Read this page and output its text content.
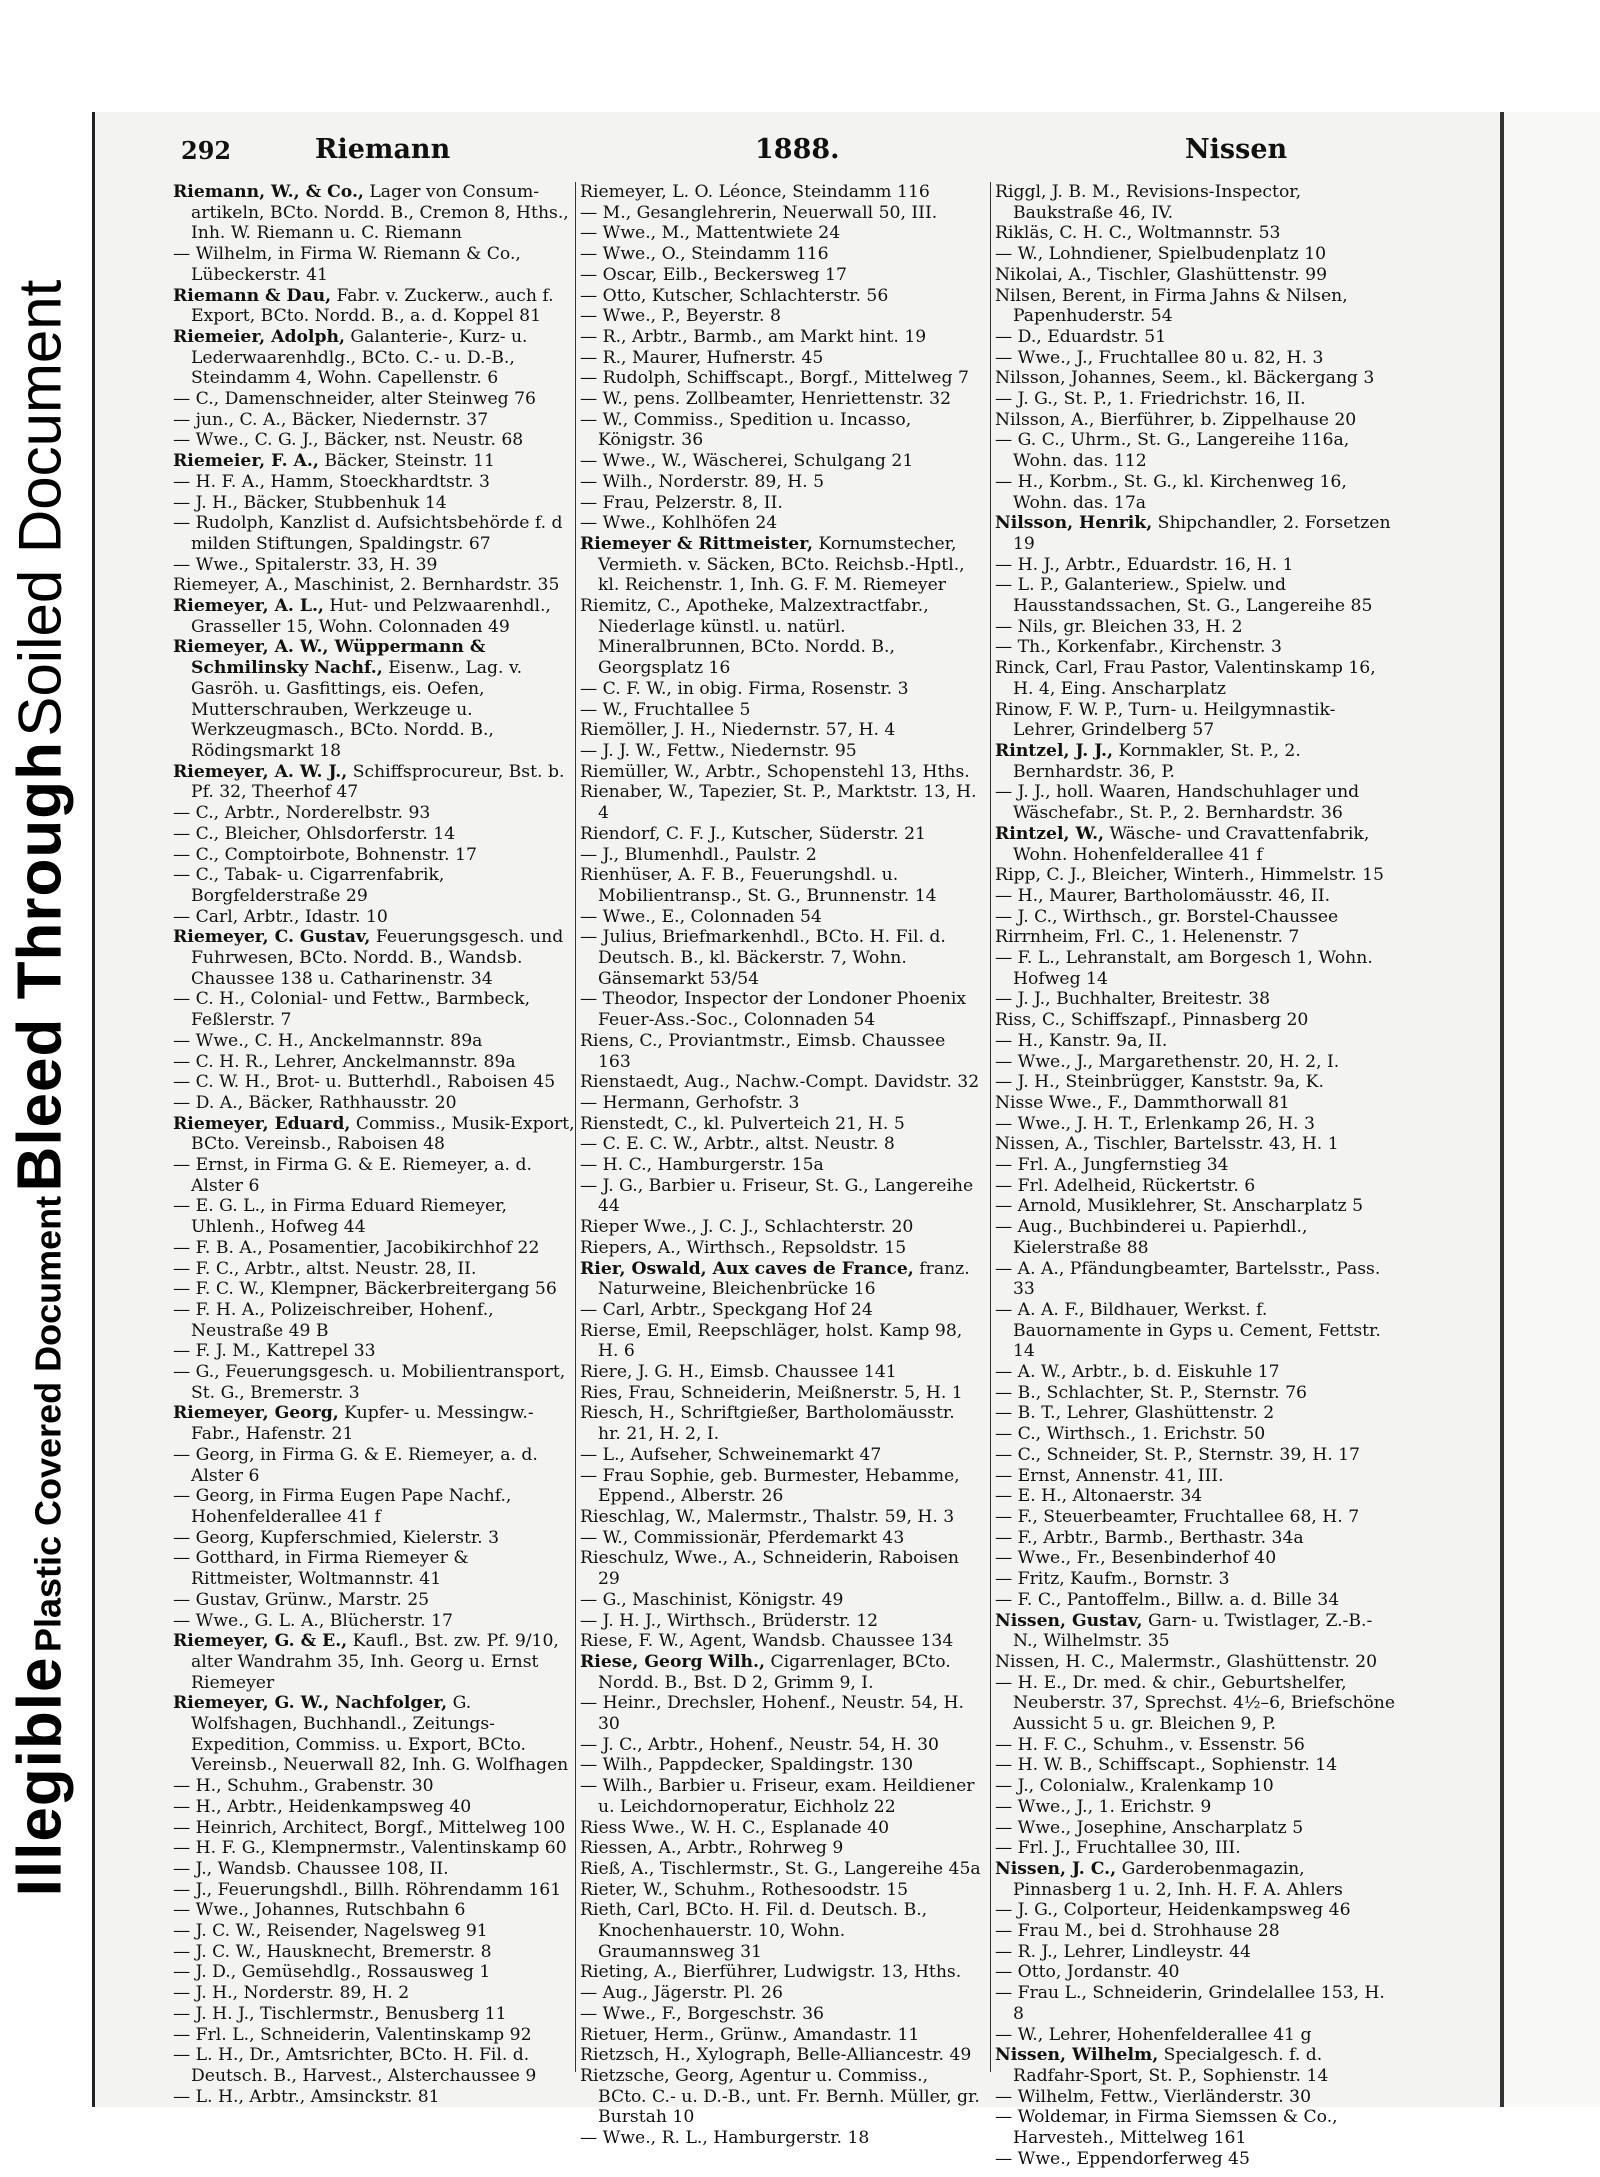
Illegible Plastic Covered Document Bleed Through Soiled Document
292	Riemann	1888.	Nissen
Riemann, W., & Co., Lager von Consum-artikeln, BCto. Nordd. B., Cremon 8, Hths., Inh. W. Riemann u. C. Riemann
— Wilhelm, in Firma W. Riemann & Co., Lübeckerstr. 41
Riemann & Dau, Fabr. v. Zuckerw., auch f. Export, BCto. Nordd. B., a. d. Koppel 81
Riemeier, Adolph, Galanterie-, Kurz- u. Lederwaarenhdlg., BCto. C.- u. D.-B., Steindamm 4, Wohn. Capellenstr. 6
— C., Damenschneider, alter Steinweg 76
— jun., C. A., Bäcker, Niedernstr. 37
— Wwe., C. G. J., Bäcker, nst. Neustr. 68
Riemeier, F. A., Bäcker, Steinstr. 11
— H. F. A., Hamm, Stoeckhardtstr. 3
— J. H., Bäcker, Stubbenhuk 14
— Rudolph, Kanzlist d. Aufsichtsbehörde f. d milden Stiftungen, Spaldingstr. 67
— Wwe., Spitalerstr. 33, H. 39
Riemeyer, A., Maschinist, 2. Bernhardstr. 35
Riemeyer, A. L., Hut- und Pelzwaarenhdl., Grasseller 15, Wohn. Colonnaden 49
Riemeyer, A. W., Wüppermann & Schmilinsky Nachf., Eisenw., Lag. v. Gasröh. u. Gasfittings, eis. Oefen, Mutterschrauben, Werkzeuge u. Werkzeugmasch., BCto. Nordd. B., Rödingsmarkt 18
Riemeyer, A. W. J., Schiffsprocureur, Bst. b. Pf. 32, Theerhof 47
— C., Arbtr., Norderelbstr. 93
— C., Bleicher, Ohlsdorferstr. 14
— C., Comptoirbote, Bohnenstr. 17
— C., Tabak- u. Cigarrenfabrik, Borgfelderstraße 29
— Carl, Arbtr., Idastr. 10
Riemeyer, C. Gustav, Feuerungsgesch. und Fuhrwesen, BCto. Nordd. B., Wandsb. Chaussee 138 u. Catharinenstr. 34
— C. H., Colonial- und Fettw., Barmbeck, Feßlerstr. 7
— Wwe., C. H., Anckelmannstr. 89a
— C. H. R., Lehrer, Anckelmannstr. 89a
— C. W. H., Brot- u. Butterhdl., Raboisen 45
— D. A., Bäcker, Rathhausstr. 20
Riemeyer, Eduard, Commiss., Musik-Export, BCto. Vereinsb., Raboisen 48
— Ernst, in Firma G. & E. Riemeyer, a. d. Alster 6
— E. G. L., in Firma Eduard Riemeyer, Uhlenh., Hofweg 44
— F. B. A., Posamentier, Jacobikirchhof 22
— F. C., Arbtr., altst. Neustr. 28, II.
— F. C. W., Klempner, Bäckerbreitergang 56
— F. H. A., Polizeischreiber, Hohenf., Neustraße 49 B
— F. J. M., Kattrepel 33
— G., Feuerungsgesch. u. Mobilientransport, St. G., Bremerstr. 3
Riemeyer, Georg, Kupfer- u. Messingw.-Fabr., Hafenstr. 21
— Georg, in Firma G. & E. Riemeyer, a. d. Alster 6
— Georg, in Firma Eugen Pape Nachf., Hohenfelderallee 41 f
— Georg, Kupferschmied, Kielerstr. 3
— Gotthard, in Firma Riemeyer & Rittmeister, Woltmannstr. 41
— Gustav, Grünw., Marstr. 25
— Wwe., G. L. A., Blücherstr. 17
Riemeyer, G. & E., Kaufl., Bst. zw. Pf. 9/10, alter Wandrahm 35, Inh. Georg u. Ernst Riemeyer
Riemeyer, G. W., Nachfolger, G. Wolfshagen, Buchhandl., Zeitungs-Expedition, Commiss. u. Export, BCto. Vereinsb., Neuerwall 82, Inh. G. Wolfhagen
— H., Schuhm., Grabenstr. 30
— H., Arbtr., Heidenkampsweg 40
— Heinrich, Architect, Borgf., Mittelweg 100
— H. F. G., Klempnermstr., Valentinskamp 60
— J., Wandsb. Chaussee 108, II.
— J., Feuerungshdl., Billh. Röhrendamm 161
— Wwe., Johannes, Rutschbahn 6
— J. C. W., Reisender, Nagelsweg 91
— J. C. W., Hausknecht, Bremerstr. 8
— J. D., Gemüsehdlg., Rossausweg 1
— J. H., Norderstr. 89, H. 2
— J. H. J., Tischlermstr., Benusberg 11
— Frl. L., Schneiderin, Valentinskamp 92
— L. H., Dr., Amtsrichter, BCto. H. Fil. d. Deutsch. B., Harvest., Alsterchaussee 9
— L. H., Arbtr., Amsinckstr. 81
Riemeyer, L. O. Léonce, Steindamm 116
— M., Gesanglehrerin, Neuerwall 50, III.
— Wwe., M., Mattentwiete 24
— Wwe., O., Steindamm 116
— Oscar, Eilb., Beckersweg 17
— Otto, Kutscher, Schlachterstr. 56
— Wwe., P., Beyerstr. 8
— R., Arbtr., Barmb., am Markt hint. 19
— R., Maurer, Hufnerstr. 45
— Rudolph, Schiffscapt., Borgf., Mittelweg 7
— W., pens. Zollbeamter, Henriettenstr. 32
— W., Commiss., Spedition u. Incasso, Königstr. 36
— Wwe., W., Wäscherei, Schulgang 21
— Wilh., Norderstr. 89, H. 5
— Frau, Pelzerstr. 8, II.
— Wwe., Kohlhöfen 24
Riemeyer & Rittmeister, Kornumstecher, Vermieth. v. Säcken, BCto. Reichsb.-Hptl., kl. Reichenstr. 1, Inh. G. F. M. Riemeyer
Riemitz, C., Apotheke, Malzextractfabr., Niederlage künstl. u. natürl. Mineralbrunnen, BCto. Nordd. B., Georgsplatz 16
— C. F. W., in obig. Firma, Rosenstr. 3
— W., Fruchtallee 5
Riemöller, J. H., Niedernstr. 57, H. 4
— J. J. W., Fettw., Niedernstr. 95
Riemüller, W., Arbtr., Schopenstehl 13, Hths.
Rienaber, W., Tapezier, St. P., Marktstr. 13, H. 4
Riendorf, C. F. J., Kutscher, Süderstr. 21
— J., Blumenhdl., Paulstr. 2
Rienhüser, A. F. B., Feuerungshdl. u. Mobilientransp., St. G., Brunnenstr. 14
— Wwe., E., Colonnaden 54
— Julius, Briefmarkenhdl., BCto. H. Fil. d. Deutsch. B., kl. Bäckerstr. 7, Wohn. Gänsemarkt 53/54
— Theodor, Inspector der Londoner Phoenix Feuer-Ass.-Soc., Colonnaden 54
Riens, C., Proviantmstr., Eimsb. Chaussee 163
Rienstaedt, Aug., Nachw.-Compt. Davidstr. 32
— Hermann, Gerhofstr. 3
Rienstedt, C., kl. Pulverteich 21, H. 5
— C. E. C. W., Arbtr., altst. Neustr. 8
— H. C., Hamburgerstr. 15a
— J. G., Barbier u. Friseur, St. G., Langereihe 44
Rieper Wwe., J. C. J., Schlachterstr. 20
Riepers, A., Wirthsch., Repsoldstr. 15
Rier, Oswald, Aux caves de France, franz. Naturweine, Bleichenbrücke 16
— Carl, Arbtr., Speckgang Hof 24
Rierse, Emil, Reepschläger, holst. Kamp 98, H. 6
Riere, J. G. H., Eimsb. Chaussee 141
Ries, Frau, Schneiderin, Meißnerstr. 5, H. 1
Riesch, H., Schriftgießer, Bartholomäusstr. hr. 21, H. 2, I.
— L., Aufseher, Schweinemarkt 47
— Frau Sophie, geb. Burmester, Hebamme, Eppend., Alberstr. 26
Rieschlag, W., Malermstr., Thalstr. 59, H. 3
— W., Commissionär, Pferdemarkt 43
Rieschulz, Wwe., A., Schneiderin, Raboisen 29
— G., Maschinist, Königstr. 49
— J. H. J., Wirthsch., Brüderstr. 12
Riese, F. W., Agent, Wandsb. Chaussee 134
Riese, Georg Wilh., Cigarrenlager, BCto. Nordd. B., Bst. D 2, Grimm 9, I.
— Heinr., Drechsler, Hohenf., Neustr. 54, H. 30
— J. C., Arbtr., Hohenf., Neustr. 54, H. 30
— Wilh., Pappdecker, Spaldingstr. 130
— Wilh., Barbier u. Friseur, exam. Heildiener u. Leichdornoperatur, Eichholz 22
Riess Wwe., W. H. C., Esplanade 40
Riessen, A., Arbtr., Rohrweg 9
Rieß, A., Tischlermstr., St. G., Langereihe 45a
Rieter, W., Schuhm., Rothesoodstr. 15
Rieth, Carl, BCto. H. Fil. d. Deutsch. B., Knochenhauerstr. 10, Wohn. Graumannsweg 31
Rieting, A., Bierführer, Ludwigstr. 13, Hths.
— Aug., Jägerstr. Pl. 26
— Wwe., F., Borgeschstr. 36
Rietuer, Herm., Grünw., Amandastr. 11
Rietzsch, H., Xylograph, Belle-Alliancestr. 49
Rietzsche, Georg, Agentur u. Commiss., BCto. C.- u. D.-B., unt. Fr. Bernh. Müller, gr. Burstah 10
— Wwe., R. L., Hamburgerstr. 18
Riggl, J. B. M., Revisions-Inspector, Baukstraße 46, IV.
Rikläs, C. H. C., Woltmannstr. 53
— W., Lohndiener, Spielbudenplatz 10
Nikolai, A., Tischler, Glashüttenstr. 99
Nilsen, Berent, in Firma Jahns & Nilsen, Papenhuderstr. 54
— D., Eduardstr. 51
— Wwe., J., Fruchtallee 80 u. 82, H. 3
Nilsson, Johannes, Seem., kl. Bäckergang 3
— J. G., St. P., 1. Friedrichstr. 16, II.
Nilsson, A., Bierführer, b. Zippelhause 20
— G. C., Uhrm., St. G., Langereihe 116a, Wohn. das. 112
— H., Korbm., St. G., kl. Kirchenweg 16, Wohn. das. 17a
Nilsson, Henrik, Shipchandler, 2. Forsetzen 19
— H. J., Arbtr., Eduardstr. 16, H. 1
— L. P., Galanteriew., Spielw. und Hausstandssachen, St. G., Langereihe 85
— Nils, gr. Bleichen 33, H. 2
— Th., Korkenfabr., Kirchenstr. 3
Rinck, Carl, Frau Pastor, Valentinskamp 16, H. 4, Eing. Anscharplatz
Rinow, F. W. P., Turn- u. Heilgymnastik-Lehrer, Grindelberg 57
Rintzel, J. J., Kornmakler, St. P., 2. Bernhardstr. 36, P.
— J. J., holl. Waaren, Handschuhlager und Wäschefabr., St. P., 2. Bernhardstr. 36
Rintzel, W., Wäsche- und Cravattenfabrik, Wohn. Hohenfelderallee 41 f
Ripp, C. J., Bleicher, Winterh., Himmelstr. 15
— H., Maurer, Bartholomäusstr. 46, II.
— J. C., Wirthsch., gr. Borstel-Chaussee
Rirrnheim, Frl. C., 1. Helenenstr. 7
— F. L., Lehranstalt, am Borgesch 1, Wohn. Hofweg 14
— J. J., Buchhalter, Breitestr. 38
Riss, C., Schiffszapf., Pinnasberg 20
— H., Kanstr. 9a, II.
— Wwe., J., Margarethenstr. 20, H. 2, I.
— J. H., Steinbrügger, Kanststr. 9a, K.
Nisse Wwe., F., Dammthorwall 81
— Wwe., J. H. T., Erlenkamp 26, H. 3
Nissen, A., Tischler, Bartelsstr. 43, H. 1
— Frl. A., Jungfernstieg 34
— Frl. Adelheid, Rückertstr. 6
— Arnold, Musiklehrer, St. Anscharplatz 5
— Aug., Buchbinderei u. Papierhdl., Kielerstraße 88
— A. A., Pfändungbeamter, Bartelsstr., Pass. 33
— A. A. F., Bildhauer, Werkst. f. Bauornamente in Gyps u. Cement, Fettstr. 14
— A. W., Arbtr., b. d. Eiskuhle 17
— B., Schlachter, St. P., Sternstr. 76
— B. T., Lehrer, Glashüttenstr. 2
— C., Wirthsch., 1. Erichstr. 50
— C., Schneider, St. P., Sternstr. 39, H. 17
— Ernst, Annenstr. 41, III.
— E. H., Altonaerstr. 34
— F., Steuerbeamter, Fruchtallee 68, H. 7
— F., Arbtr., Barmb., Berthastr. 34a
— Wwe., Fr., Besenbinderhof 40
— Fritz, Kaufm., Bornstr. 3
— F. C., Pantoffelm., Billw. a. d. Bille 34
Nissen, Gustav, Garn- u. Twistlager, Z.-B.-N., Wilhelmstr. 35
Nissen, H. C., Malermstr., Glashüttenstr. 20
— H. E., Dr. med. & chir., Geburtshelfer, Neuberstr. 37, Sprechst. 4½–6, Briefschöne Aussicht 5 u. gr. Bleichen 9, P.
— H. F. C., Schuhm., v. Essenstr. 56
— H. W. B., Schiffscapt., Sophienstr. 14
— J., Colonialw., Kralenkamp 10
— Wwe., J., 1. Erichstr. 9
— Wwe., Josephine, Anscharplatz 5
— Frl. J., Fruchtallee 30, III.
Nissen, J. C., Garderobenmagazin, Pinnasberg 1 u. 2, Inh. H. F. A. Ahlers
— J. G., Colporteur, Heidenkampsweg 46
— Frau M., bei d. Strohhause 28
— R. J., Lehrer, Lindleystr. 44
— Otto, Jordanstr. 40
— Frau L., Schneiderin, Grindelallee 153, H. 8
— W., Lehrer, Hohenfelderallee 41 g
Nissen, Wilhelm, Specialgesch. f. d. Radfahr-Sport, St. P., Sophienstr. 14
— Wilhelm, Fettw., Vierländerstr. 30
— Woldemar, in Firma Siemssen & Co., Harvesteh., Mittelweg 161
— Wwe., Eppendorferweg 45
